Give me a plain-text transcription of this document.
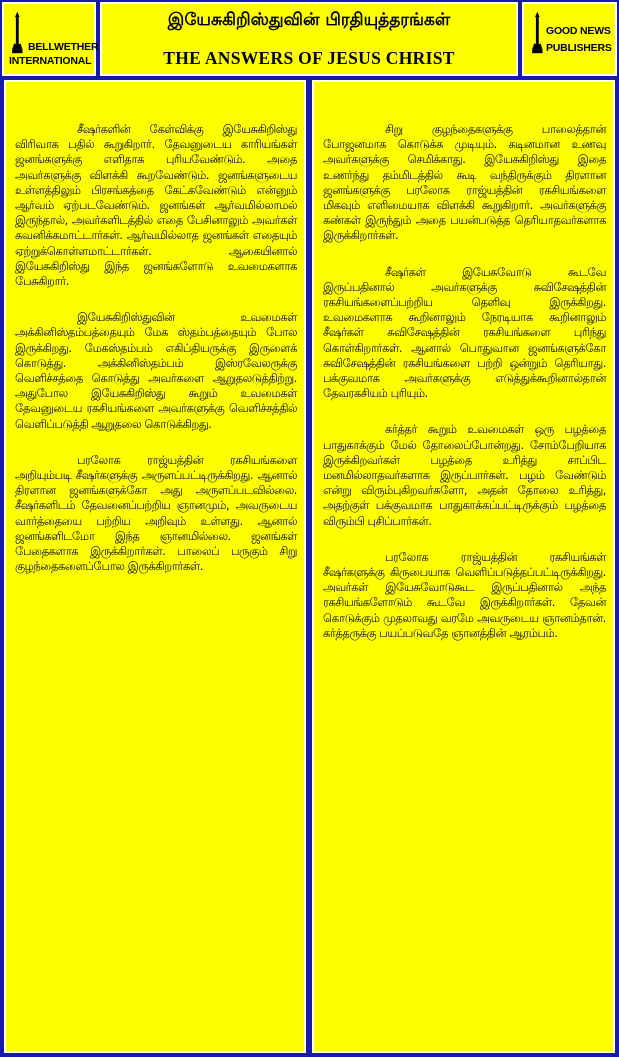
BELLWETHER
INTERNATIONAL
இயேசுகிறிஸ்துவின் பிரதியுத்தரங்கள்
THE ANSWERS OF JESUS CHRIST
GOOD NEWS
PUBLISHERS

சீஷர்களின் கேள்விக்கு இயேசுகிறிஸ்து விரிவாக பதில் கூறுகிறார். தேவனுடைய காரியங்கள் ஜனங்களுக்கு எளிதாக புரியவேண்டும். அதை அவர்களுக்கு விளக்கி கூறவேண்டும். ஜனங்களுடைய உள்ளத்திலும் பிரசங்கத்தை கேட்கவேண்டும் என்னும் ஆர்வம் ஏற்படவேண்டும். ஜனங்கள் ஆர்வமில்லாமல் இருந்தால், அவர்களிடத்தில் எதை பேசினாலும் அவர்கள் கவனிக்கமாட்டார்கள். ஆர்வமில்லாத ஜனங்கள் எதையும் ஏற்றுக்கொள்ளமாட்டார்கள். ஆகையினால் இயேசுகிறிஸ்து இந்த ஜனங்களோடு உவமைகளாக பேசுகிறார்.

இயேசுகிறிஸ்துவின் உவமைகள் அக்கினிஸ்தம்பத்தையும் மேக ஸ்தம்பத்தையும் போல இருக்கிறது. மேகஸ்தம்பம் எகிப்தியருக்கு இருளைக் கொடுத்து. அக்கினிஸ்தம்பம் இஸ்ரவேலருக்கு வெளிச்சத்தை கொடுத்து அவர்களை ஆறுதலடுத்திற்று. அதுபோல இயேசுகிறிஸ்து கூறும் உவமைகள் தேவனுடைய ரகசியங்களை அவர்களுக்கு வெளிச்சத்தில் வெளிப்படுத்தி ஆறுதலை கொடுக்கிறது.

பரலோக ராஜ்யத்தின் ரகசியங்களை அறியும்படி சீஷர்களுக்கு அருளப்பட்டிருக்கிறது. ஆனால் திரளான ஜனங்களுக்கோ அது அருளப்படவில்லை. சீஷர்களிடம் தேவனைப்பற்றிய ஞானமும், அவருடைய வார்த்தையை பற்றிய அறிவும் உள்ளது. ஆனால் ஜனங்களிடமோ இந்த ஞானமில்லை. ஜனங்கள் பேதைகளாக இருக்கிறார்கள். பாலைப் பருகும் சிறு குழந்தைகளைப்போல இருக்கிறார்கள்.

சிறு குழந்தைகளுக்கு பாலைத்தான் போஜனமாக கொடுக்க முடியும். கடினமான உணவு அவர்களுக்கு செமிக்காது. இயேசுகிறிஸ்து இதை உணர்ந்து தம்மிடத்தில் கூடி வந்திருக்கும் திரளான ஜனங்களுக்கு பரலோக ராஜ்யத்தின் ரகசியங்களை மிகவும் எளிமையாக விளக்கி கூறுகிறார். அவர்களுக்கு கண்கள் இருந்தும் அதை பயன்படுத்த தெரியாதவர்களாக இருக்கிறார்கள்.

சீஷர்கள் இயேசுவோடு கூடவே இருப்பதினால் அவர்களுக்கு சுவிசேஷத்தின் ரகசியங்களைப்பற்றிய தெளிவு இருக்கிறது. உவமைகளாக கூறினாலும் நேரடியாக கூறினாலும் சீஷர்கள் சுவிசேஷத்தின் ரகசியங்களை புரிந்து கொள்கிறார்கள். ஆனால் பொதுவான ஜனங்களுக்கோ சுவிசேஷத்தின் ரகசியங்களை பற்றி ஒன்றும் தெரியாது. பக்குவமாக அவர்களுக்கு எடுத்துக்கூறினால்தான் தேவரகசியம் புரியும்.

கர்த்தர் கூறும் உவமைகள் ஒரு பழத்தை பாதுகாக்கும் மேல் தோலைப்போன்றது. சோம்பேறியாக இருக்கிறவர்கள் பழத்தை உரித்து சாப்பிட மனமில்லாதவர்களாக இருப்பார்கள். பழம் வேண்டும் என்று விரும்புகிறவர்களோ, அதன் தோலை உரித்து, அதற்குள் பக்குவமாக பாதுகாக்கப்பட்டிருக்கும் பழத்தை விரும்பி புசிப்பார்கள்.

பரலோக ராஜ்யத்தின் ரகசியங்கள் சீஷர்களுக்கு கிருபையாக வெளிப்படுத்தப்பட்டிருக்கிறது. அவர்கள் இயேசுவோடுகூட இருப்பதினால் அந்த ரகசியங்களோடும் கூடவே இருக்கிறார்கள். தேவன் கொடுக்கும் முதலாவது வரமே அவருடைய ஞானம்தான். கர்த்தருக்கு பயப்படுவதே ஞானத்தின் ஆரம்பம்.
